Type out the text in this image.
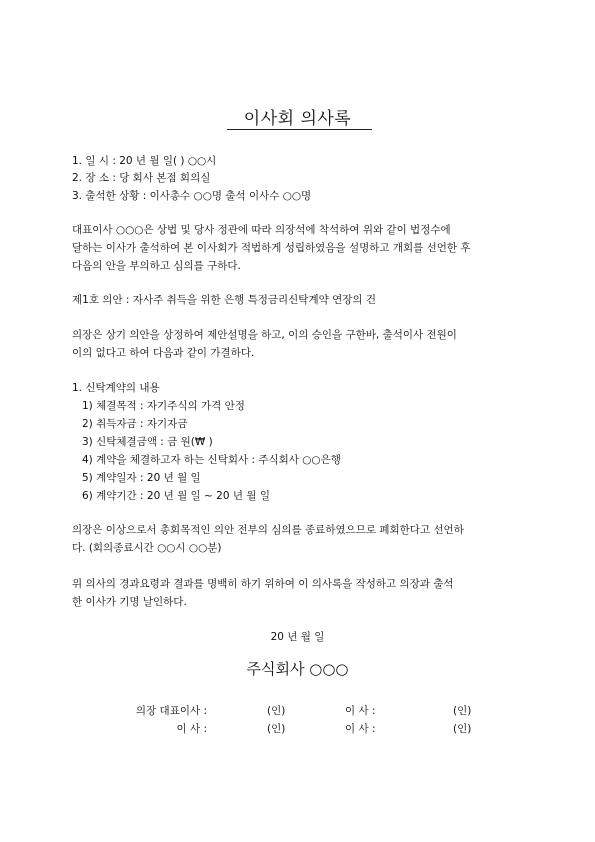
이사회 의사록
1. 일 시 : 20 년 월 일( ) ○○시
2. 장 소 : 당 회사 본점 회의실
3. 출석한 상황 : 이사총수 ○○명 출석 이사수 ○○명
대표이사 ○○○은 상법 및 당사 정관에 따라 의장석에 착석하여 위와 같이 법정수에
달하는 이사가 출석하여 본 이사회가 적법하게 성립하였음을 설명하고 개회를 선언한 후
다음의 안을 부의하고 심의를 구하다.
제1호 의안 : 자사주 취득을 위한 은행 특정금리신탁계약 연장의 건
의장은 상기 의안을 상정하여 제안설명을 하고, 이의 승인을 구한바, 출석이사 전원이
이의 없다고 하여 다음과 같이 가결하다.
1. 신탁계약의 내용
1) 체결목적 : 자기주식의 가격 안정
2) 취득자금 : 자기자금
3) 신탁체결금액 : 금 원(₩ )
4) 계약을 체결하고자 하는 신탁회사 : 주식회사 ○○은행
5) 계약일자 : 20 년 월 일
6) 계약기간 : 20 년 월 일 ~ 20 년 월 일
의장은 이상으로서 총회목적인 의안 전부의 심의를 종료하였으므로 폐회한다고 선언하
다. (회의종료시간 ○○시 ○○분)
위 의사의 경과요령과 결과를 명백히 하기 위하여 이 의사록을 작성하고 의장과 출석
한 이사가 기명 날인하다.
20 년 월 일
주식회사 ○○○
의장 대표이사 :	(인)	이 사 :	(인)
이 사 :	(인)	이 사 :	(인)
